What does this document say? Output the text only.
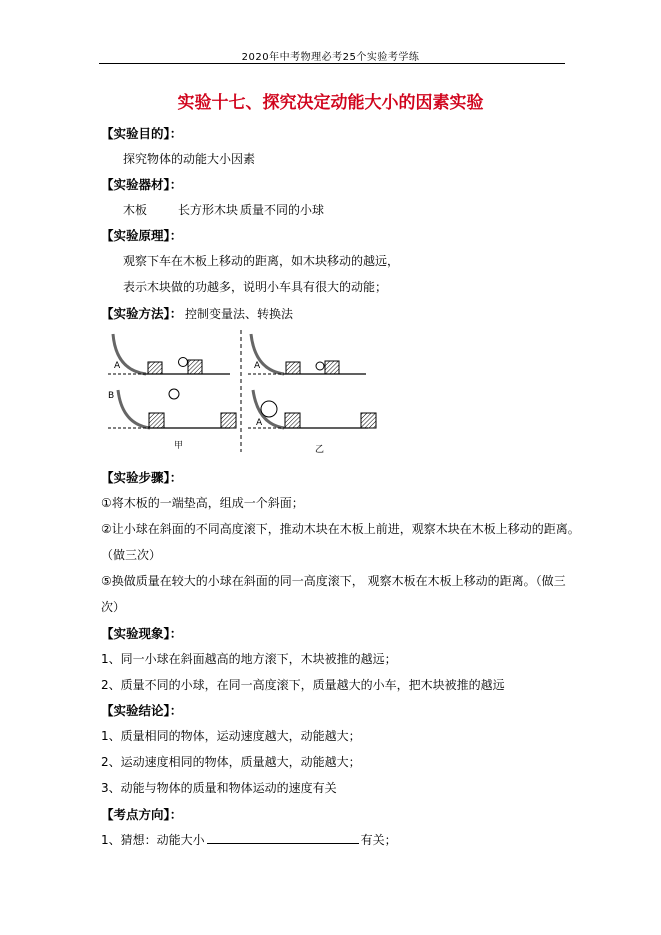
2020年中考物理必考25个实验考学练
实验十七、探究决定动能大小的因素实验
【实验目的】：
探究物体的动能大小因素
【实验器材】：
木板	长方形木块 质量不同的小球
【实验原理】：
观察下车在木板上移动的距离，如木块移动的越远，
表示木块做的功越多，说明小车具有很大的动能；
【实验方法】： 控制变量法、转换法
A
B
甲
A
A
乙
【实验步骤】：
①将木板的一端垫高，组成一个斜面；
②让小球在斜面的不同高度滚下，推动木块在木板上前进，观察木块在木板上移动的距离。
（做三次）
⑤换做质量在较大的小球在斜面的同一高度滚下， 观察木板在木板上移动的距离。（做三
次）
【实验现象】：
1、同一小球在斜面越高的地方滚下，木块被推的越远；
2、质量不同的小球，在同一高度滚下，质量越大的小车，把木块被推的越远
【实验结论】：
1、质量相同的物体，运动速度越大，动能越大；
2、运动速度相同的物体，质量越大，动能越大；
3、动能与物体的质量和物体运动的速度有关
【考点方向】：
1、猜想：动能大小	有关；
